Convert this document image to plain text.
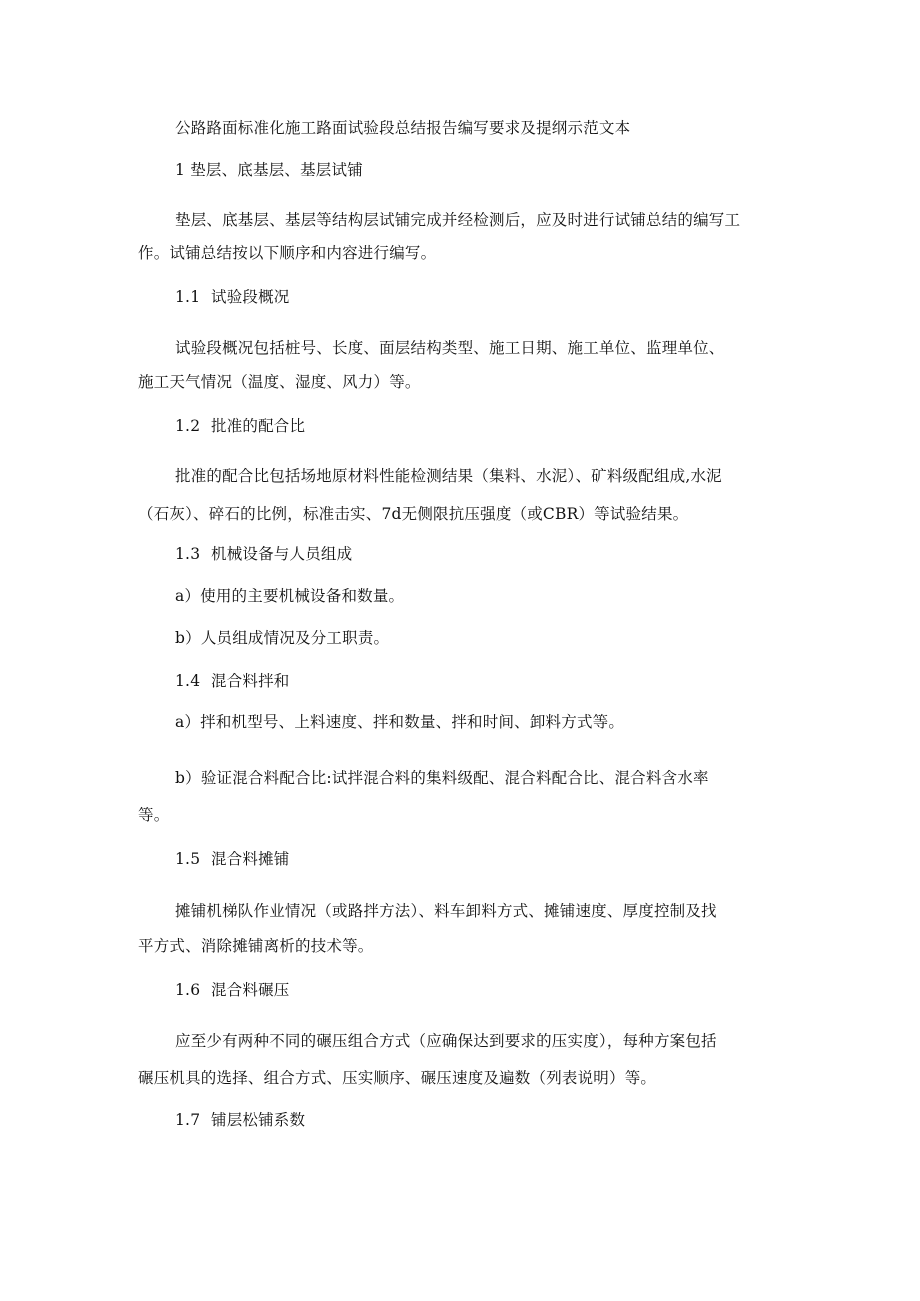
公路路面标准化施工路面试验段总结报告编写要求及提纲示范文本
1 垫层、底基层、基层试铺
垫层、底基层、基层等结构层试铺完成并经检测后，应及时进行试铺总结的编写工
作。试铺总结按以下顺序和内容进行编写。
1.1 试验段概况
试验段概况包括桩号、长度、面层结构类型、施工日期、施工单位、监理单位、
施工天气情况（温度、湿度、风力）等。
1.2 批准的配合比
批准的配合比包括场地原材料性能检测结果（集料、水泥）、矿料级配组成,水泥
（石灰）、碎石的比例，标准击实、7d无侧限抗压强度（或CBR）等试验结果。
1.3 机械设备与人员组成
a）使用的主要机械设备和数量。
b）人员组成情况及分工职责。
1.4 混合料拌和
a）拌和机型号、上料速度、拌和数量、拌和时间、卸料方式等。
b）验证混合料配合比:试拌混合料的集料级配、混合料配合比、混合料含水率
等。
1.5 混合料摊铺
摊铺机梯队作业情况（或路拌方法）、料车卸料方式、摊铺速度、厚度控制及找
平方式、消除摊铺离析的技术等。
1.6 混合料碾压
应至少有两种不同的碾压组合方式（应确保达到要求的压实度），每种方案包括
碾压机具的选择、组合方式、压实顺序、碾压速度及遍数（列表说明）等。
1.7 铺层松铺系数
